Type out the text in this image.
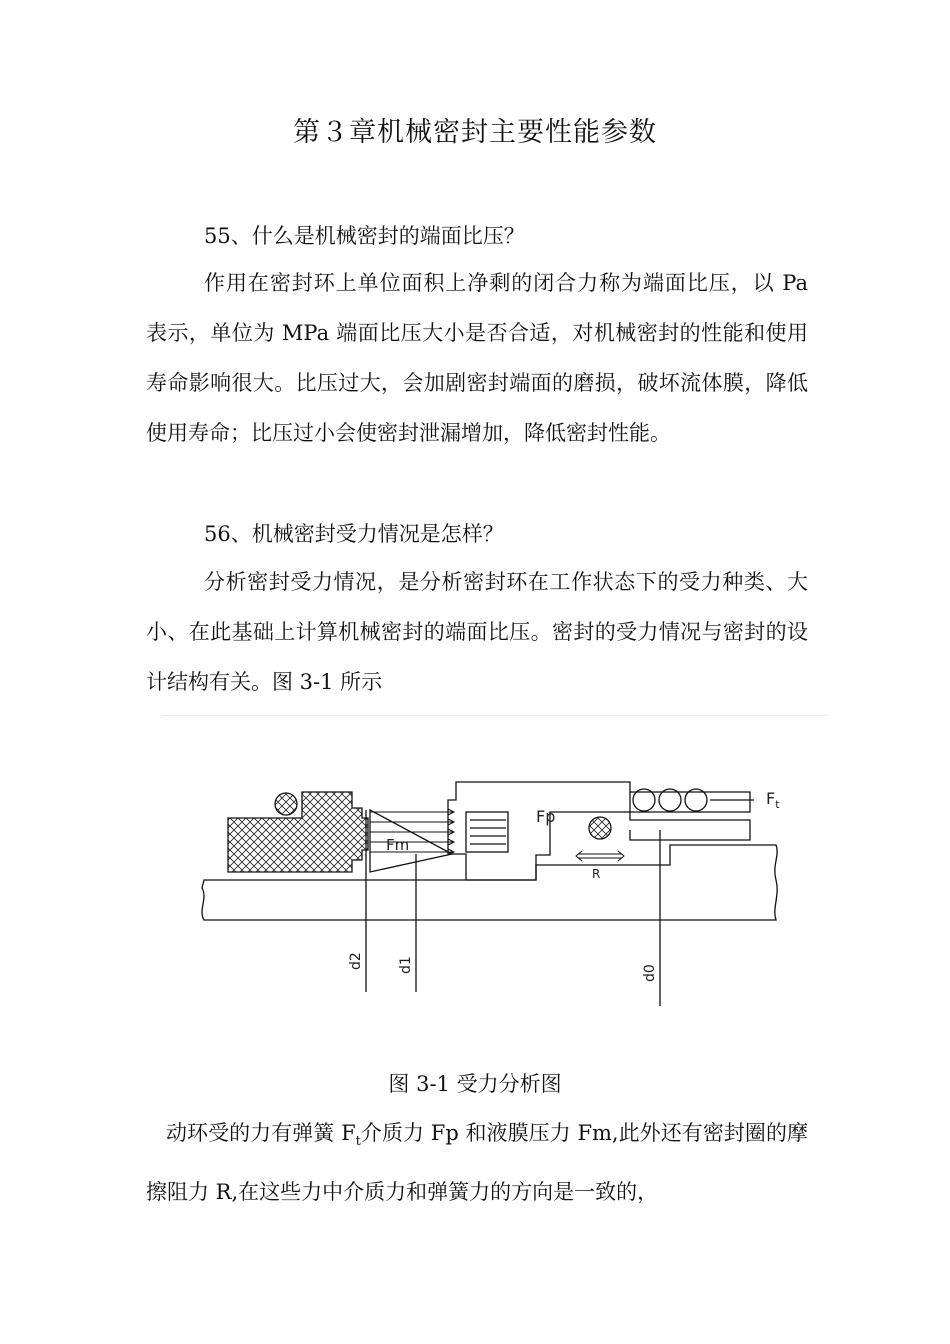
第３章机械密封主要性能参数

55、什么是机械密封的端面比压？

作用在密封环上单位面积上净剩的闭合力称为端面比压，以 Pa 表示，单位为 MPa 端面比压大小是否合适，对机械密封的性能和使用寿命影响很大。比压过大，会加剧密封端面的磨损，破坏流体膜，降低使用寿命；比压过小会使密封泄漏增加，降低密封性能。

56、机械密封受力情况是怎样？

分析密封受力情况，是分析密封环在工作状态下的受力种类、大小、在此基础上计算机械密封的端面比压。密封的受力情况与密封的设计结构有关。图 3-1 所示

$F_t$
Fp
Fm
R
d2 d1	d0
图 3-1 受力分析图

动环受的力有弹簧 $F_t$介质力 Fp 和液膜压力 Fm,此外还有密封圈的摩擦阻力 R,在这些力中介质力和弹簧力的方向是一致的，
